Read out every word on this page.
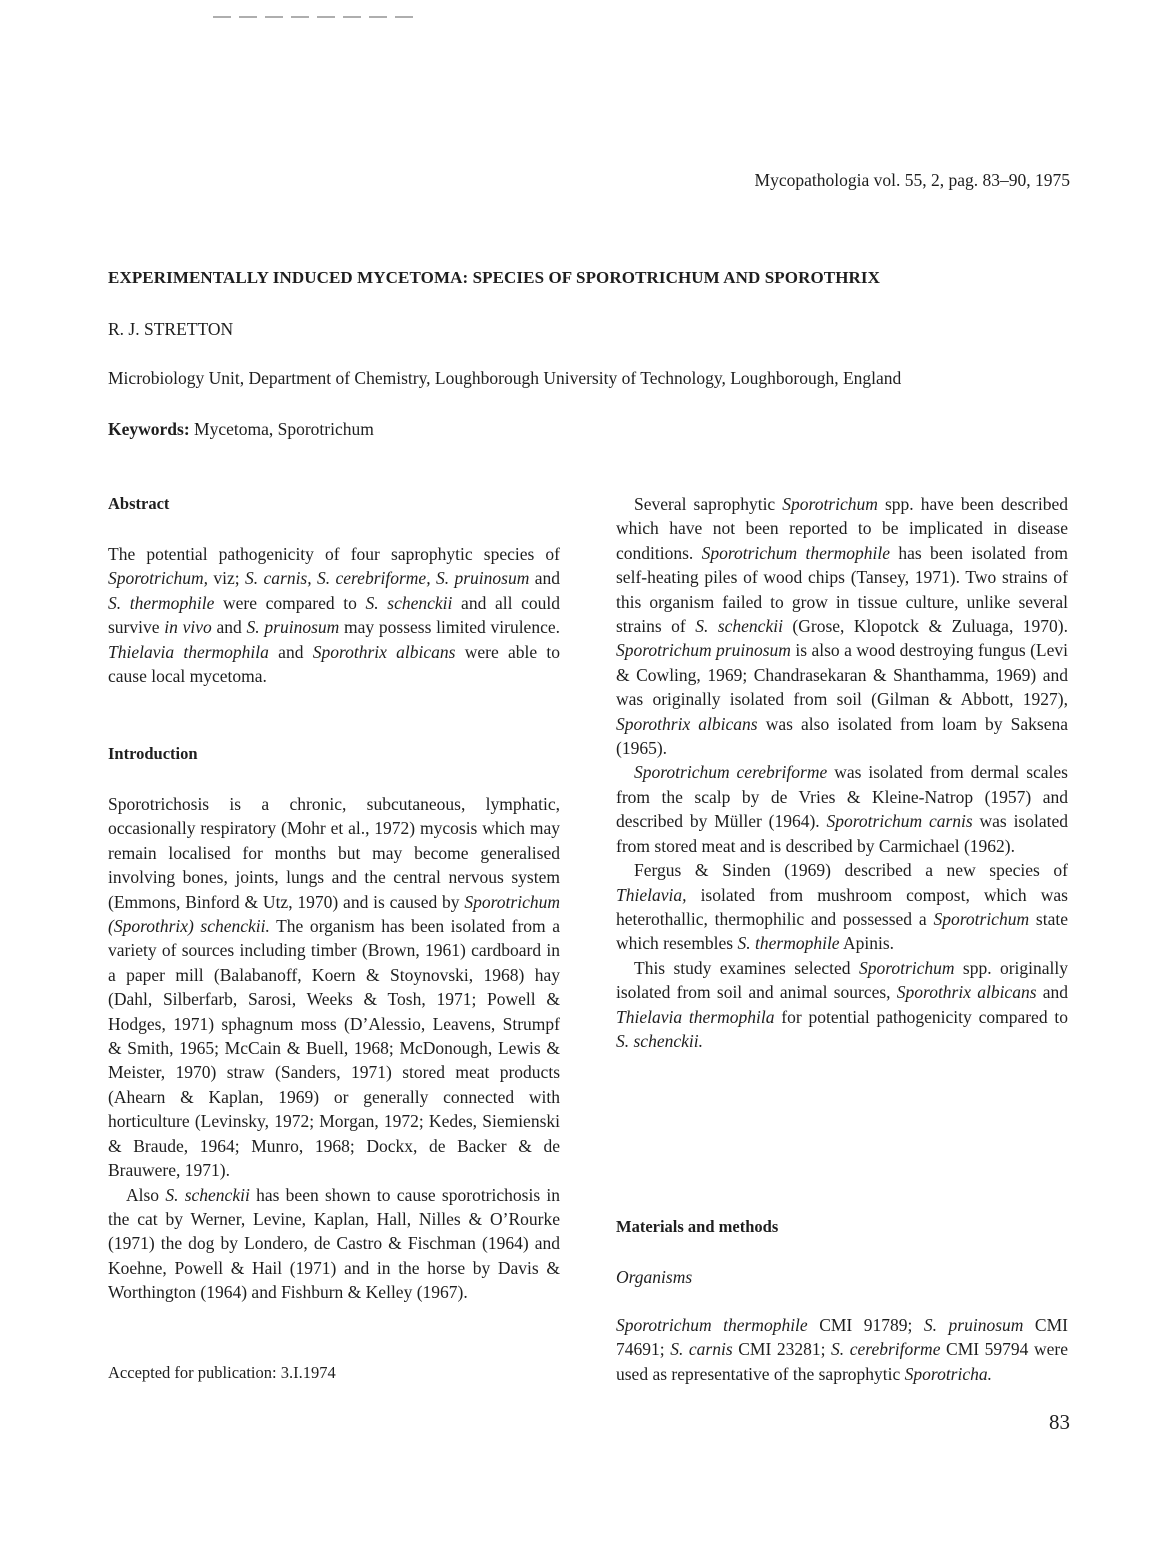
Mycopathologia vol. 55, 2, pag. 83–90, 1975
EXPERIMENTALLY INDUCED MYCETOMA: SPECIES OF SPOROTRICHUM AND SPOROTHRIX
R. J. STRETTON
Microbiology Unit, Department of Chemistry, Loughborough University of Technology, Loughborough, England
Keywords: Mycetoma, Sporotrichum

Abstract

The potential pathogenicity of four saprophytic species of Sporotrichum, viz; S. carnis, S. cerebriforme, S. pruinosum and S. thermophile were compared to S. schenckii and all could survive in vivo and S. pruinosum may possess limited virulence. Thielavia thermophila and Sporothrix albicans were able to cause local mycetoma.

Introduction

Sporotrichosis is a chronic, subcutaneous, lymphatic, occasionally respiratory (Mohr et al., 1972) mycosis which may remain localised for months but may become generalised involving bones, joints, lungs and the central nervous system (Emmons, Binford & Utz, 1970) and is caused by Sporotrichum (Sporothrix) schenckii. The organism has been isolated from a variety of sources including timber (Brown, 1961) cardboard in a paper mill (Balabanoff, Koern & Stoynovski, 1968) hay (Dahl, Silberfarb, Sarosi, Weeks & Tosh, 1971; Powell & Hodges, 1971) sphagnum moss (D’Alessio, Leavens, Strumpf & Smith, 1965; McCain & Buell, 1968; McDonough, Lewis & Meister, 1970) straw (Sanders, 1971) stored meat products (Ahearn & Kaplan, 1969) or generally connected with horticulture (Levinsky, 1972; Morgan, 1972; Kedes, Siemienski & Braude, 1964; Munro, 1968; Dockx, de Backer & de Brauwere, 1971).

Also S. schenckii has been shown to cause sporotrichosis in the cat by Werner, Levine, Kaplan, Hall, Nilles & O’Rourke (1971) the dog by Londero, de Castro & Fischman (1964) and Koehne, Powell & Hail (1971) and in the horse by Davis & Worthington (1964) and Fishburn & Kelley (1967).

Several saprophytic Sporotrichum spp. have been described which have not been reported to be implicated in disease conditions. Sporotrichum thermophile has been isolated from self-heating piles of wood chips (Tansey, 1971). Two strains of this organism failed to grow in tissue culture, unlike several strains of S. schenckii (Grose, Klopotck & Zuluaga, 1970). Sporotrichum pruinosum is also a wood destroying fungus (Levi & Cowling, 1969; Chandrasekaran & Shanthamma, 1969) and was originally isolated from soil (Gilman & Abbott, 1927), Sporothrix albicans was also isolated from loam by Saksena (1965).

Sporotrichum cerebriforme was isolated from dermal scales from the scalp by de Vries & Kleine-Natrop (1957) and described by Müller (1964). Sporotrichum carnis was isolated from stored meat and is described by Carmichael (1962).

Fergus & Sinden (1969) described a new species of Thielavia, isolated from mushroom compost, which was heterothallic, thermophilic and possessed a Sporotrichum state which resembles S. thermophile Apinis.

This study examines selected Sporotrichum spp. originally isolated from soil and animal sources, Sporothrix albicans and Thielavia thermophila for potential pathogenicity compared to S. schenckii.

Materials and methods

Organisms

Sporotrichum thermophile CMI 91789; S. pruinosum CMI 74691; S. carnis CMI 23281; S. cerebriforme CMI 59794 were used as representative of the saprophytic Sporotricha.

Accepted for publication: 3.I.1974
83
